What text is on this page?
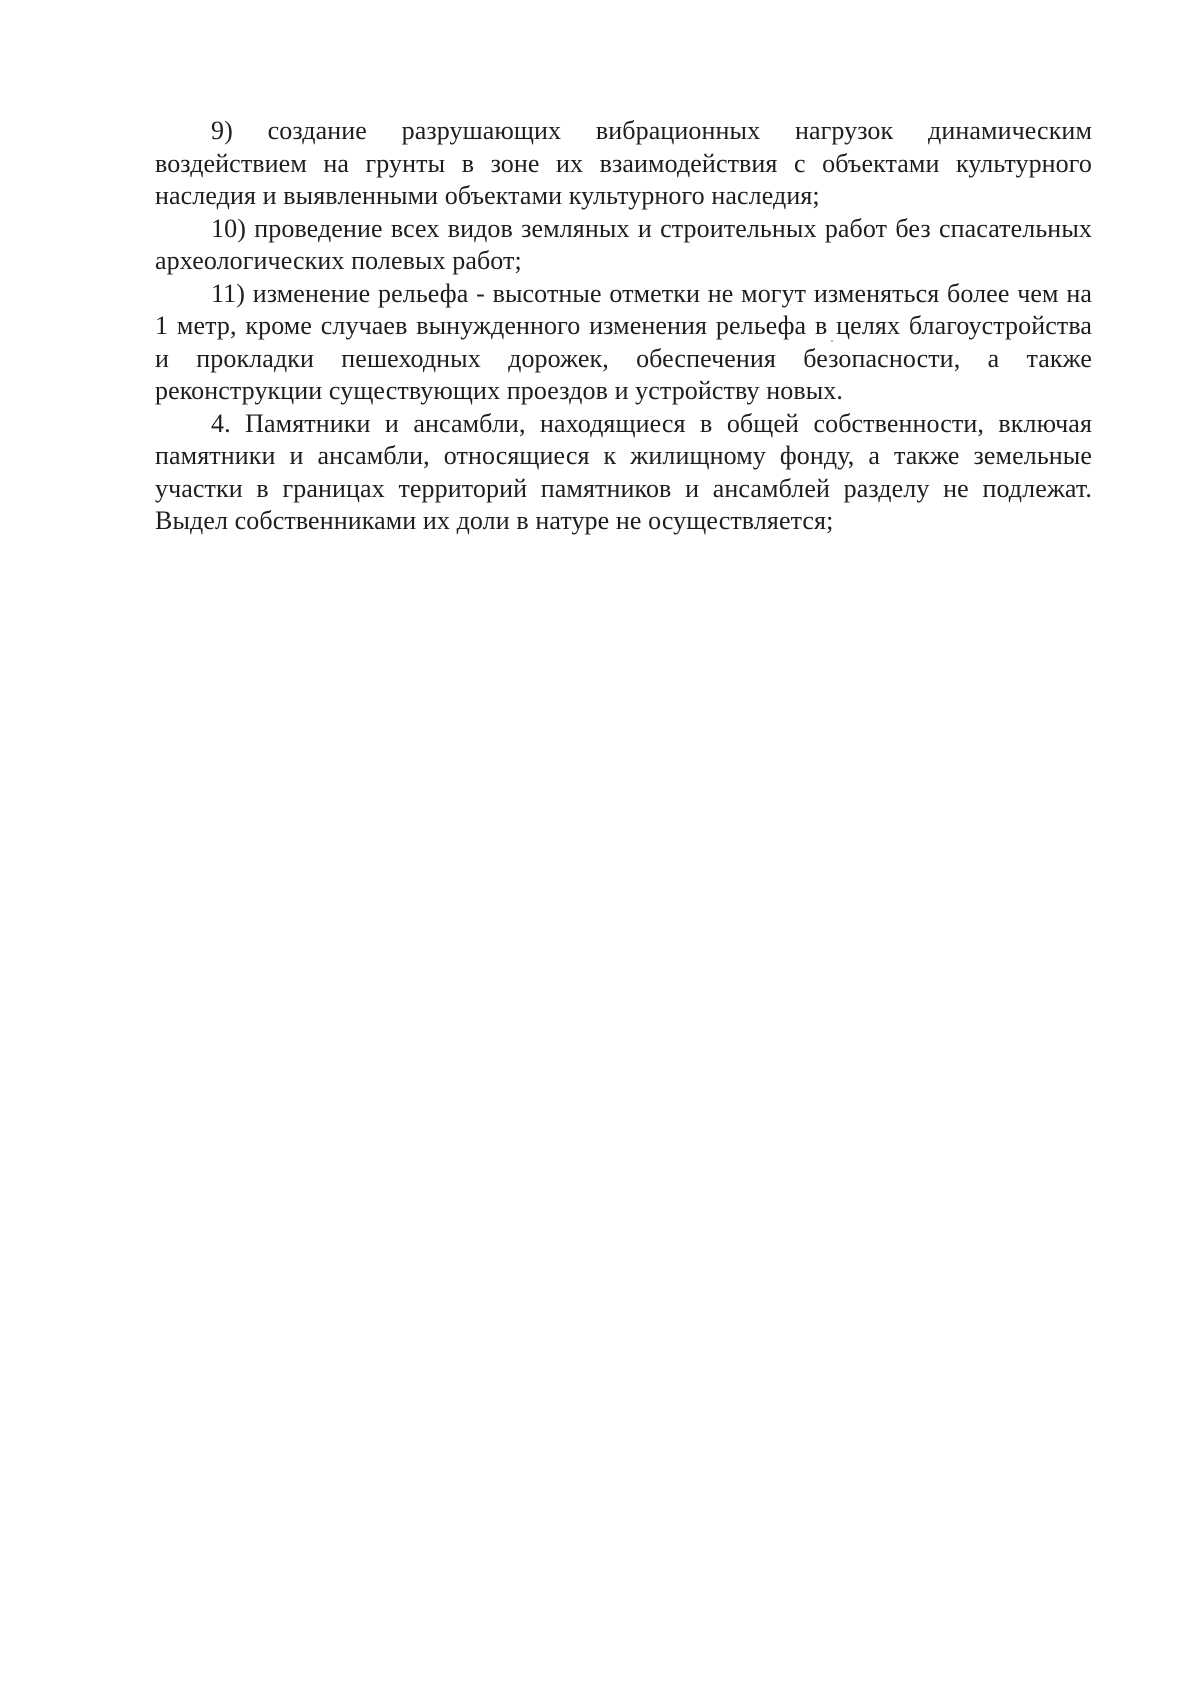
9) создание разрушающих вибрационных нагрузок динамическим воздействием на грунты в зоне их взаимодействия с объектами культурного наследия и выявленными объектами культурного наследия;

10) проведение всех видов земляных и строительных работ без спасательных археологических полевых работ;

11) изменение рельефа - высотные отметки не могут изменяться более чем на 1 метр, кроме случаев вынужденного изменения рельефа в целях благоустройства и прокладки пешеходных дорожек, обеспечения безопасности, а также реконструкции существующих проездов и устройству новых.

4. Памятники и ансамбли, находящиеся в общей собственности, включая памятники и ансамбли, относящиеся к жилищному фонду, а также земельные участки в границах территорий памятников и ансамблей разделу не подлежат. Выдел собственниками их доли в натуре не осуществляется;
